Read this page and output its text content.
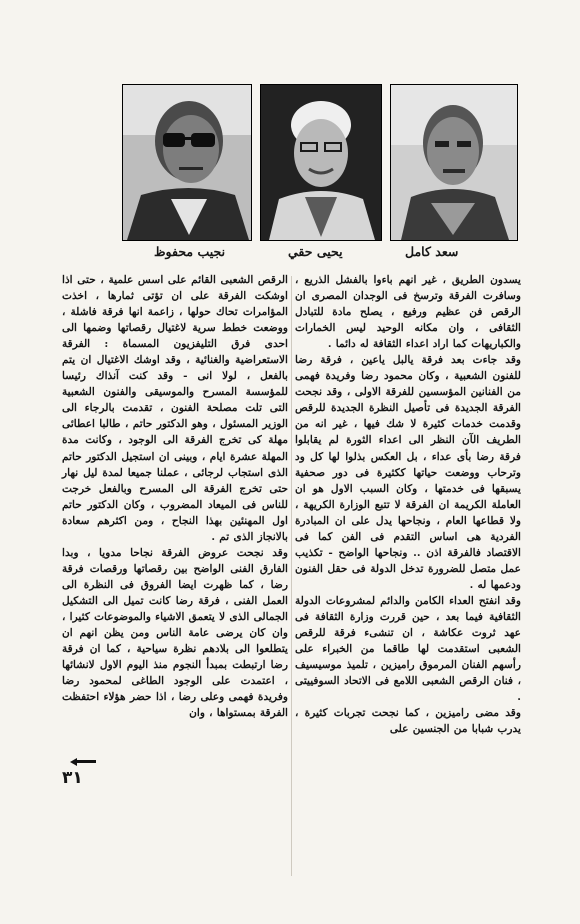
سعد كامل
يحيى حقي
نجيب محفوظ

يسدون الطريق ، غير انهم باءوا بالفشل الذريع ، وسافرت الفرقة وترسخ فى الوجدان المصرى ان الرقص فن عظيم ورفيع ، يصلح مادة للتبادل الثقافى ، وان مكانه الوحيد ليس الخمارات والكباريهات كما اراد اعداء الثقافة له دائما .

وقد جاءت بعد فرقة يالبل ياعين ، فرقة رضا للفنون الشعبية ، وكان محمود رضا وفريدة فهمى من الفنانين المؤسسين للفرقة الاولى ، وقد نجحت الفرقة الجديدة فى تأصيل النظرة الجديدة للرقص وقدمت خدمات كثيرة لا شك فيها ، غير انه من الطريف الآن النظر الى اعداء الثورة لم يقابلوا فرقة رضا بأى عداء ، بل العكس بذلوا لها كل ود وترحاب ووضعت حياتها ككثيرة فى دور صحفية يسبقها فى خدمتها ، وكان السبب الاول هو ان العاملة الكريمة ان الفرقة لا تتبع الوزارة الكريهة ، ولا قطاعها العام ، ونجاحها يدل على ان المبادرة الفردية هى اساس التقدم فى الفن كما فى الاقتصاد فالفرقة اذن .. ونجاحها الواضح - تكذيب عمل متصل للضرورة تدخل الدولة فى حقل الفنون ودعمها له .

وقد انفتح العداء الكامن والدائم لمشروعات الدولة الثقافية فيما بعد ، حين قررت وزارة الثقافة فى عهد ثروت عكاشة ، ان تنشىء فرقة للرقص الشعبى استقدمت لها طاقما من الخبراء على رأسهم الفنان المرموق راميزين ، تلميذ موسيسيف ، فنان الرقص الشعبى اللامع فى الاتحاد السوفييتى .

وقد مضى راميزين ، كما نجحت تجربات كثيرة ، يدرب شبابا من الجنسين على

الرقص الشعبى القائم على اسس علمية ، حتى اذا اوشكت الفرقة على ان تؤتى ثمارها ، اخذت المؤامرات تحاك حولها ، زاعمة انها فرقة فاشلة ، ووضعت خطط سرية لاغتيال رقصاتها وضمها الى احدى فرق التليفزيون المسماة : الفرقة الاستعراضية والغنائية ، وقد اوشك الاغتيال ان يتم بالفعل ، لولا انى - وقد كنت آنذاك رئيسا للمؤسسة المسرح والموسيقى والفنون الشعبية التى تلت مصلحة الفنون ، تقدمت بالرجاء الى الوزير المسئول ، وهو الدكتور حاتم ، طالبا اعطائى مهلة كى تخرج الفرقة الى الوجود ، وكانت مدة المهلة عشرة ايام ، وبينى ان استجيل الدكتور حاتم الذى استجاب لرجائى ، عملنا جميعا لمدة ليل نهار حتى تخرج الفرقة الى المسرح وبالفعل خرجت للناس فى الميعاد المضروب ، وكان الدكتور حاتم اول المهنئين بهذا النجاح ، ومن اكثرهم سعادة بالانجاز الذى تم .

وقد نجحت عروض الفرقة نجاحا مدويا ، وبدا الفارق الفنى الواضح بين رقصاتها ورقصات فرقة رضا ، كما ظهرت ايضا الفروق فى النظرة الى العمل الفنى ، فرقة رضا كانت تميل الى التشكيل الجمالى الذى لا يتعمق الاشياء والموضوعات كثيرا ، وان كان يرضى عامة الناس ومن يظن انهم ان يتطلعوا الى بلادهم نظرة سياحية ، كما ان فرقة رضا ارتبطت بمبدأ النجوم منذ اليوم الاول لانشائها ، اعتمدت على الوجود الطاغى لمحمود رضا وفريدة فهمى وعلى رضا ، اذا حضر هؤلاء احتفظت الفرقة بمستواها ، وان

٣١
